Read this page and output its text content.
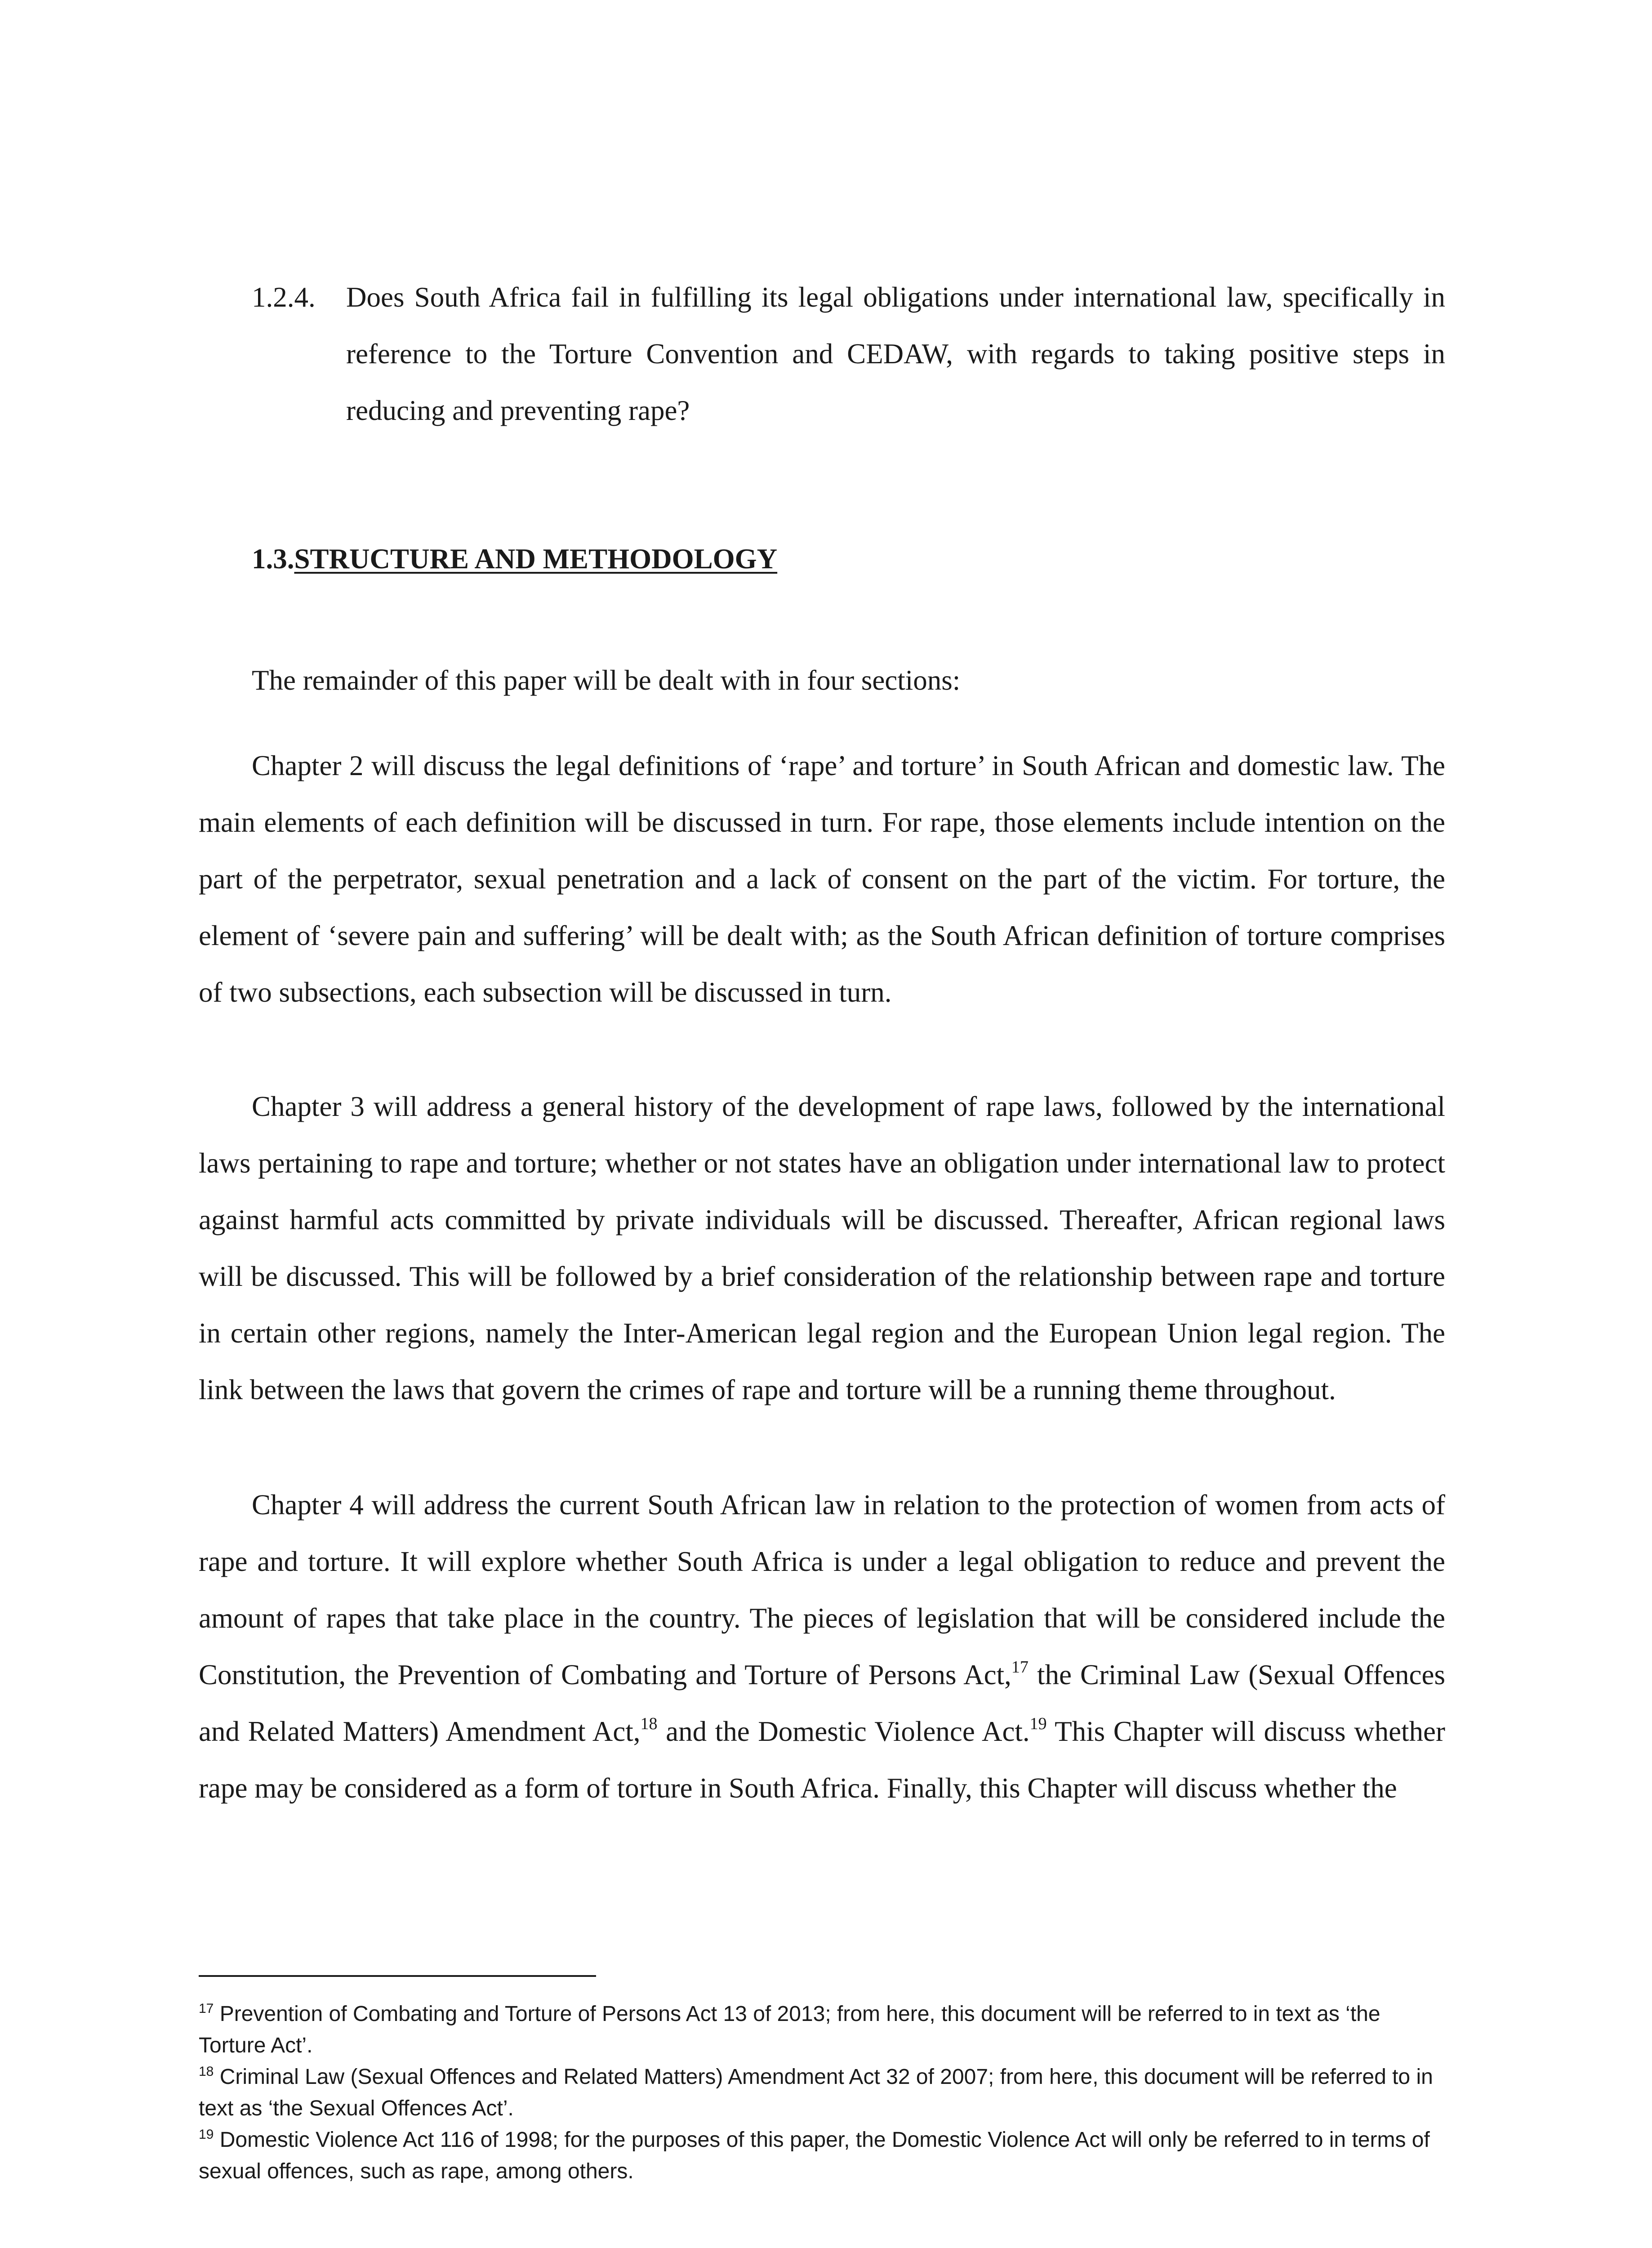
1.2.4.	Does South Africa fail in fulfilling its legal obligations under international law, specifically in reference to the Torture Convention and CEDAW, with regards to taking positive steps in reducing and preventing rape?
1.3.STRUCTURE AND METHODOLOGY

The remainder of this paper will be dealt with in four sections:

Chapter 2 will discuss the legal definitions of ‘rape’ and torture’ in South African and domestic law. The main elements of each definition will be discussed in turn. For rape, those elements include intention on the part of the perpetrator, sexual penetration and a lack of consent on the part of the victim. For torture, the element of ‘severe pain and suffering’ will be dealt with; as the South African definition of torture comprises of two subsections, each subsection will be discussed in turn.

Chapter 3 will address a general history of the development of rape laws, followed by the international laws pertaining to rape and torture; whether or not states have an obligation under international law to protect against harmful acts committed by private individuals will be discussed. Thereafter, African regional laws will be discussed. This will be followed by a brief consideration of the relationship between rape and torture in certain other regions, namely the Inter-American legal region and the European Union legal region. The link between the laws that govern the crimes of rape and torture will be a running theme throughout.

Chapter 4 will address the current South African law in relation to the protection of women from acts of rape and torture. It will explore whether South Africa is under a legal obligation to reduce and prevent the amount of rapes that take place in the country. The pieces of legislation that will be considered include the Constitution, the Prevention of Combating and Torture of Persons Act,$^{17}$ the Criminal Law (Sexual Offences and Related Matters) Amendment Act,$^{18}$ and the Domestic Violence Act.$^{19}$ This Chapter will discuss whether rape may be considered as a form of torture in South Africa. Finally, this Chapter will discuss whether the

$^{17}$ Prevention of Combating and Torture of Persons Act 13 of 2013; from here, this document will be referred to in text as ‘the Torture Act’.

$^{18}$ Criminal Law (Sexual Offences and Related Matters) Amendment Act 32 of 2007; from here, this document will be referred to in text as ‘the Sexual Offences Act’.

$^{19}$ Domestic Violence Act 116 of 1998; for the purposes of this paper, the Domestic Violence Act will only be referred to in terms of sexual offences, such as rape, among others.
